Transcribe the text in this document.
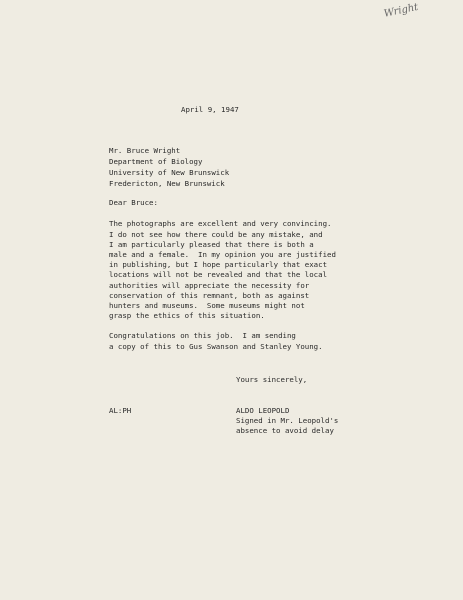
Wright
April 9, 1947
Mr. Bruce Wright
Department of Biology
University of New Brunswick
Fredericton, New Brunswick
Dear Bruce:
The photographs are excellent and very convincing.
I do not see how there could be any mistake, and
I am particularly pleased that there is both a
male and a female.  In my opinion you are justified
in publishing, but I hope particularly that exact
locations will not be revealed and that the local
authorities will appreciate the necessity for
conservation of this remnant, both as against
hunters and museums.  Some museums might not
grasp the ethics of this situation.
Congratulations on this job.  I am sending
a copy of this to Gus Swanson and Stanley Young.
Yours sincerely,
AL:PH	ALDO LEOPOLD
Signed in Mr. Leopold's
absence to avoid delay
